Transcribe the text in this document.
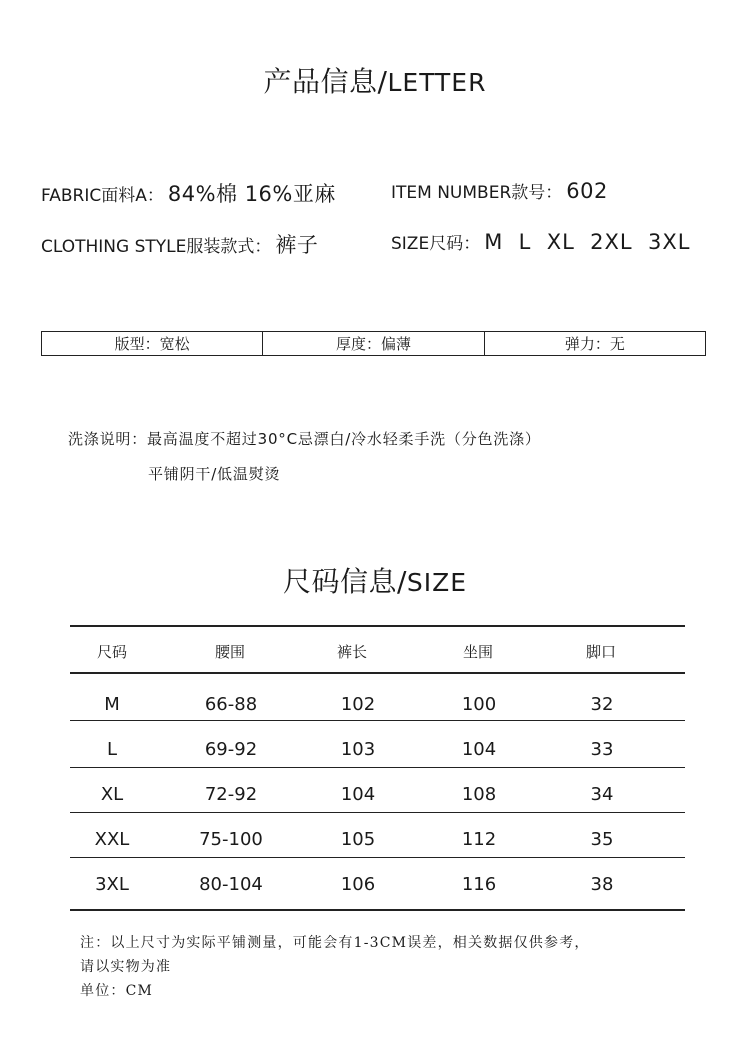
产品信息/LETTER
FABRIC面料A： 84%棉 16%亚麻	ITEM NUMBER款号： 602
CLOTHING STYLE服装款式： 裤子	SIZE尺码： M  L  XL  2XL  3XL
版型：宽松	厚度：偏薄	弹力：无
洗涤说明：最高温度不超过30°C忌漂白/冷水轻柔手洗（分色洗涤）
平铺阴干/低温熨烫
尺码信息/SIZE
尺码	腰围	裤长	坐围	脚口
M	66-88	102	100	32
L	69-92	103	104	33
XL	72-92	104	108	34
XXL	75-100	105	112	35
3XL	80-104	106	116	38
注：以上尺寸为实际平铺测量，可能会有1-3CM误差，相关数据仅供参考，
请以实物为准
单位：CM
